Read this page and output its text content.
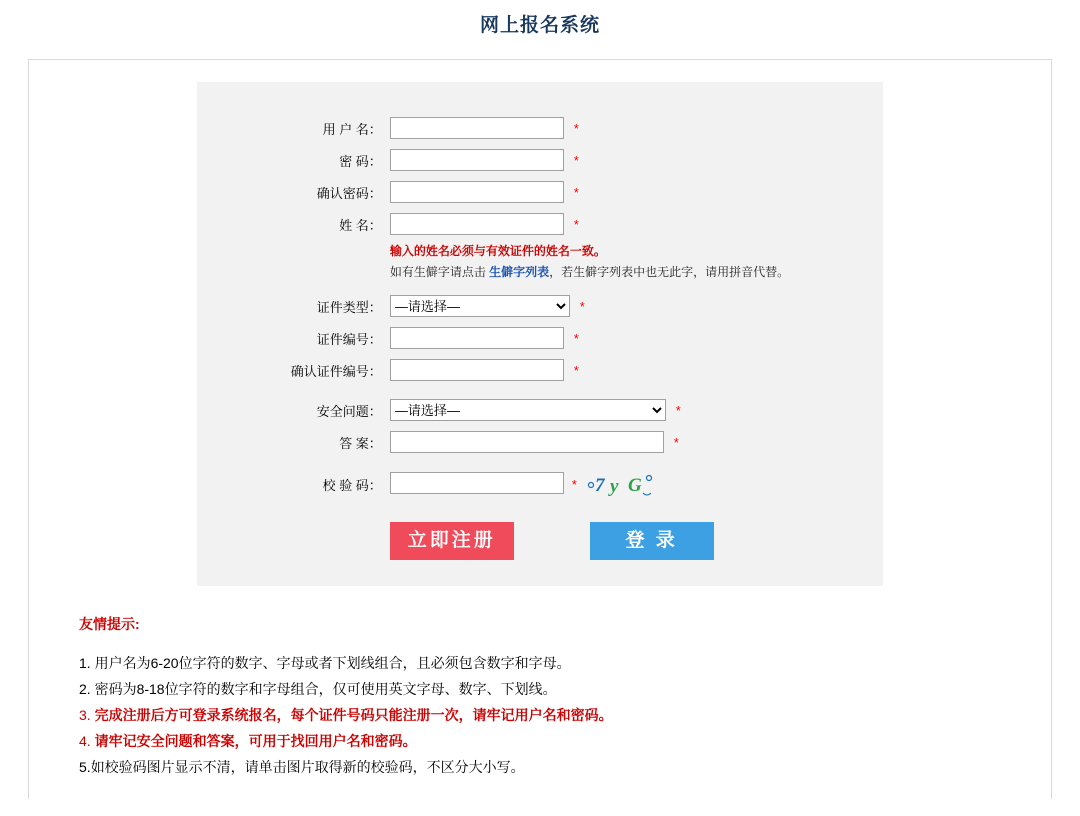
网上报名系统
用 户 名：	*
密 码：	*
确认密码：	*
姓 名：	*

	输入的姓名必须与有效证件的姓名一致。

	如有生僻字请点击 生僻字列表，若生僻字列表中也无此字，请用拼音代替。

证件类型：	
—请选择—*
证件编号：	*
确认证件编号：	*
安全问题：	
—请选择—*
答 案：	*
校 验 码：	* 7 y G

	立即注册 登 录
友情提示:
1. 用户名为6-20位字符的数字、字母或者下划线组合，且必须包含数字和字母。
2. 密码为8-18位字符的数字和字母组合，仅可使用英文字母、数字、下划线。
3. 完成注册后方可登录系统报名，每个证件号码只能注册一次，请牢记用户名和密码。
4. 请牢记安全问题和答案，可用于找回用户名和密码。
5.如校验码图片显示不清，请单击图片取得新的校验码，不区分大小写。
